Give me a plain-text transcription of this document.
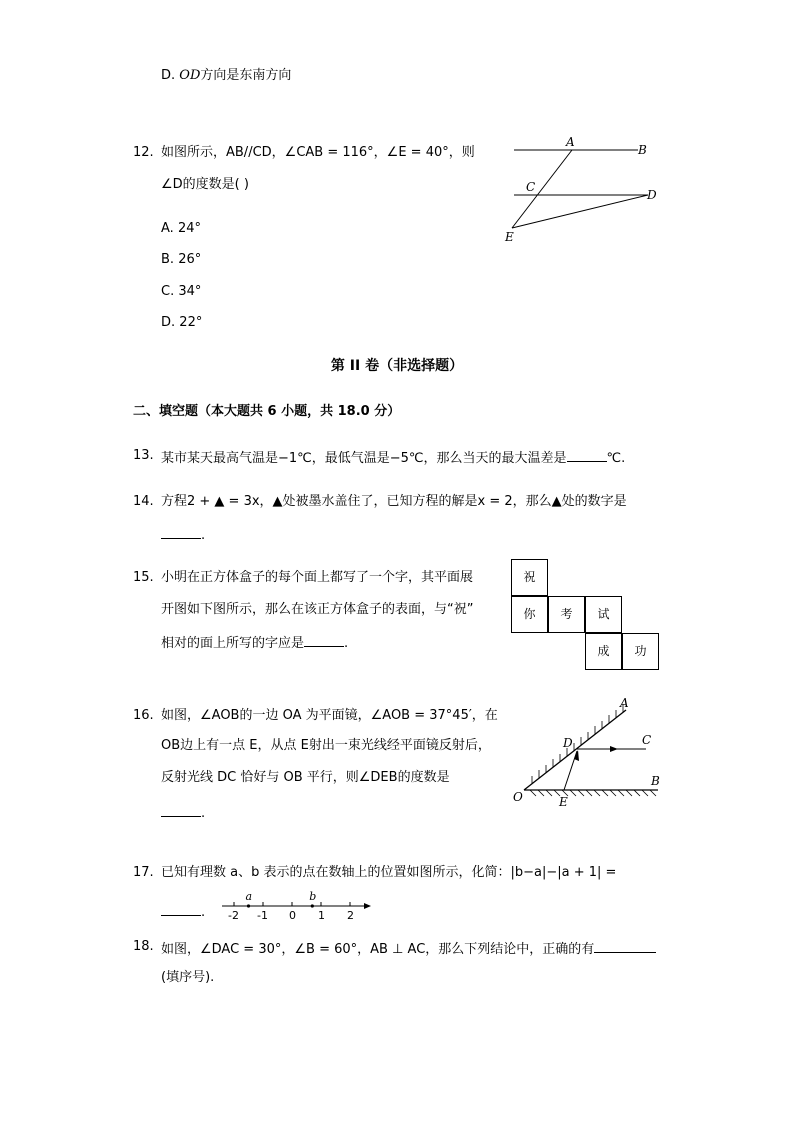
D. OD方向是东南方向
12. 如图所示，AB//CD，∠CAB = 116°，∠E = 40°，则
∠D的度数是( )
A. 24°
B. 26°
C. 34°
D. 22°
A
B
C
D
E
第 II 卷（非选择题）
二、填空题（本大题共 6 小题，共 18.0 分）
13. 某市某天最高气温是−1℃，最低气温是−5℃，那么当天的最大温差是	℃.
14. 方程2 + ▲ = 3x，▲处被墨水盖住了，已知方程的解是x = 2，那么▲处的数字是
.
15. 小明在正方体盒子的每个面上都写了一个字，其平面展
开图如下图所示，那么在该正方体盒子的表面，与“祝”
相对的面上所写的字应是	.
祝
你	考	试
成	功
16. 如图，∠AOB的一边 OA 为平面镜，∠AOB = 37°45′，在
OB边上有一点 E，从点 E射出一束光线经平面镜反射后，
反射光线 DC 恰好与 OB 平行，则∠DEB的度数是
.
A
B
C
D
E
O
17. 已知有理数 a、b 表示的点在数轴上的位置如图所示，化简：|b−a|−|a + 1| =
. -2 -1 0 1 2
a	b
18. 如图，∠DAC = 30°，∠B = 60°，AB ⊥ AC，那么下列结论中，正确的有
(填序号).
